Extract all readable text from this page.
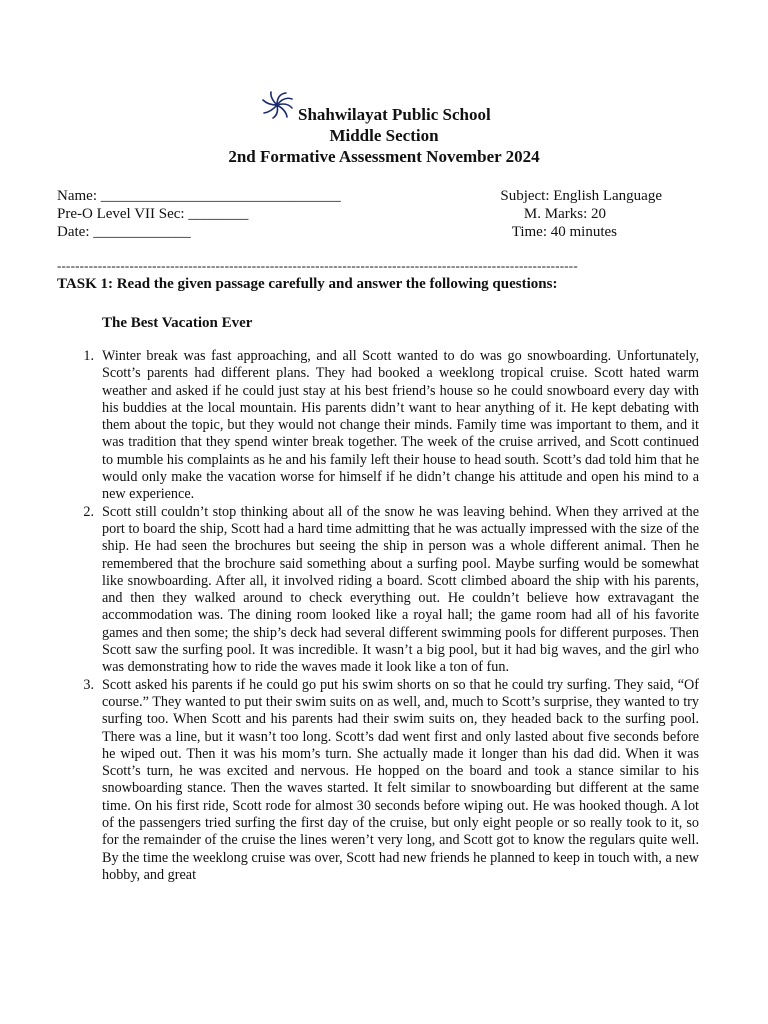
Shahwilayat Public School
Middle Section
2nd Formative Assessment November 2024
Name: ________________________________	Subject: English Language
Pre-O Level VII Sec: ________	M. Marks: 20
Date: _____________	Time: 40 minutes
-------------------------------------------------------------------------------------------------------------------
TASK 1: Read the given passage carefully and answer the following questions:
The Best Vacation Ever
1. Winter break was fast approaching, and all Scott wanted to do was go snowboarding. Unfortunately, Scott’s parents had different plans. They had booked a weeklong tropical cruise. Scott hated warm weather and asked if he could just stay at his best friend’s house so he could snowboard every day with his buddies at the local mountain. His parents didn’t want to hear anything of it. He kept debating with them about the topic, but they would not change their minds. Family time was important to them, and it was tradition that they spend winter break together. The week of the cruise arrived, and Scott continued to mumble his complaints as he and his family left their house to head south. Scott’s dad told him that he would only make the vacation worse for himself if he didn’t change his attitude and open his mind to a new experience.
2. Scott still couldn’t stop thinking about all of the snow he was leaving behind. When they arrived at the port to board the ship, Scott had a hard time admitting that he was actually impressed with the size of the ship. He had seen the brochures but seeing the ship in person was a whole different animal. Then he remembered that the brochure said something about a surfing pool. Maybe surfing would be somewhat like snowboarding. After all, it involved riding a board. Scott climbed aboard the ship with his parents, and then they walked around to check everything out. He couldn’t believe how extravagant the accommodation was. The dining room looked like a royal hall; the game room had all of his favorite games and then some; the ship’s deck had several different swimming pools for different purposes. Then Scott saw the surfing pool. It was incredible. It wasn’t a big pool, but it had big waves, and the girl who was demonstrating how to ride the waves made it look like a ton of fun.
3. Scott asked his parents if he could go put his swim shorts on so that he could try surfing. They said, “Of course.” They wanted to put their swim suits on as well, and, much to Scott’s surprise, they wanted to try surfing too. When Scott and his parents had their swim suits on, they headed back to the surfing pool. There was a line, but it wasn’t too long. Scott’s dad went first and only lasted about five seconds before he wiped out. Then it was his mom’s turn. She actually made it longer than his dad did. When it was Scott’s turn, he was excited and nervous. He hopped on the board and took a stance similar to his snowboarding stance. Then the waves started. It felt similar to snowboarding but different at the same time. On his first ride, Scott rode for almost 30 seconds before wiping out. He was hooked though. A lot of the passengers tried surfing the first day of the cruise, but only eight people or so really took to it, so for the remainder of the cruise the lines weren’t very long, and Scott got to know the regulars quite well. By the time the weeklong cruise was over, Scott had new friends he planned to keep in touch with, a new hobby, and great
